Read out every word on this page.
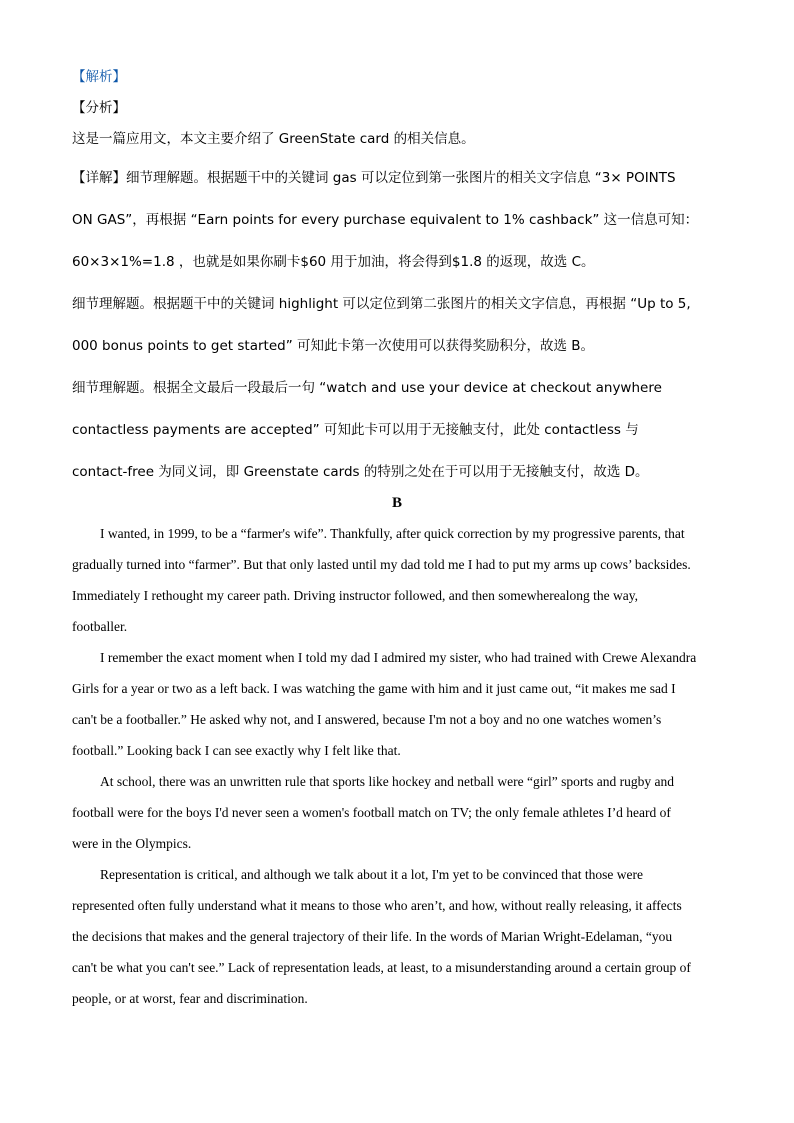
【解析】

【分析】

这是一篇应用文，本文主要介绍了 GreenState card 的相关信息。

【详解】细节理解题。根据题干中的关键词 gas 可以定位到第一张图片的相关文字信息 “3× POINTS

ON GAS”，再根据 “Earn points for every purchase equivalent to 1% cashback” 这一信息可知：

60×3×1%=1.8 ，也就是如果你刷卡$60 用于加油，将会得到$1.8 的返现，故选 C。

细节理解题。根据题干中的关键词 highlight 可以定位到第二张图片的相关文字信息，再根据 “Up to 5,

000 bonus points to get started” 可知此卡第一次使用可以获得奖励积分，故选 B。

细节理解题。根据全文最后一段最后一句 “watch and use your device at checkout anywhere

contactless payments are accepted” 可知此卡可以用于无接触支付，此处 contactless 与

contact-free 为同义词，即 Greenstate cards 的特别之处在于可以用于无接触支付，故选 D。

B

I wanted, in 1999, to be a “farmer's wife”. Thankfully, after quick correction by my progressive parents, that
gradually turned into “farmer”. But that only lasted until my dad told me I had to put my arms up cows’ backsides.
Immediately I rethought my career path. Driving instructor followed, and then somewherealong the way,
footballer.

I remember the exact moment when I told my dad I admired my sister, who had trained with Crewe Alexandra
Girls for a year or two as a left back. I was watching the game with him and it just came out, “it makes me sad I
can't be a footballer.” He asked why not, and I answered, because I'm not a boy and no one watches women’s
football.” Looking back I can see exactly why I felt like that.

At school, there was an unwritten rule that sports like hockey and netball were “girl” sports and rugby and
football were for the boys I'd never seen a women's football match on TV; the only female athletes I’d heard of
were in the Olympics.

Representation is critical, and although we talk about it a lot, I'm yet to be convinced that those were
represented often fully understand what it means to those who aren’t, and how, without really releasing, it affects
the decisions that makes and the general trajectory of their life. In the words of Marian Wright-Edelaman, “you
can't be what you can't see.” Lack of representation leads, at least, to a misunderstanding around a certain group of
people, or at worst, fear and discrimination.
